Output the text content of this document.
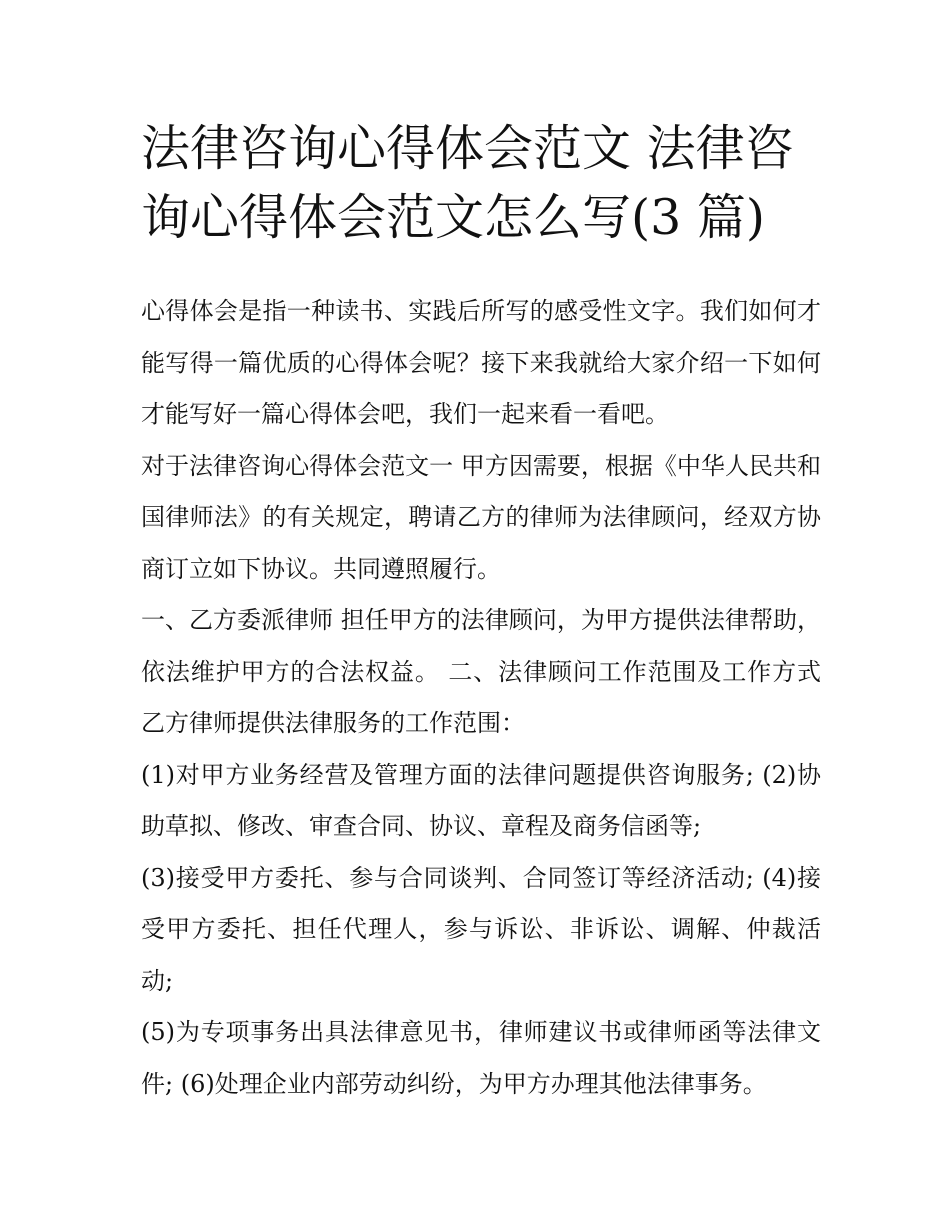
法律咨询心得体会范文 法律咨询心得体会范文怎么写(3 篇)

心得体会是指一种读书、实践后所写的感受性文字。我们如何才能写得一篇优质的心得体会呢？接下来我就给大家介绍一下如何才能写好一篇心得体会吧，我们一起来看一看吧。

对于法律咨询心得体会范文一 甲方因需要，根据《中华人民共和国律师法》的有关规定，聘请乙方的律师为法律顾问，经双方协商订立如下协议。共同遵照履行。

一、乙方委派律师 担任甲方的法律顾问，为甲方提供法律帮助，依法维护甲方的合法权益。 二、法律顾问工作范围及工作方式 乙方律师提供法律服务的工作范围：

(1)对甲方业务经营及管理方面的法律问题提供咨询服务; (2)协助草拟、修改、审查合同、协议、章程及商务信函等;

(3)接受甲方委托、参与合同谈判、合同签订等经济活动; (4)接受甲方委托、担任代理人，参与诉讼、非诉讼、调解、仲裁活动;

(5)为专项事务出具法律意见书，律师建议书或律师函等法律文件; (6)处理企业内部劳动纠纷，为甲方办理其他法律事务。
